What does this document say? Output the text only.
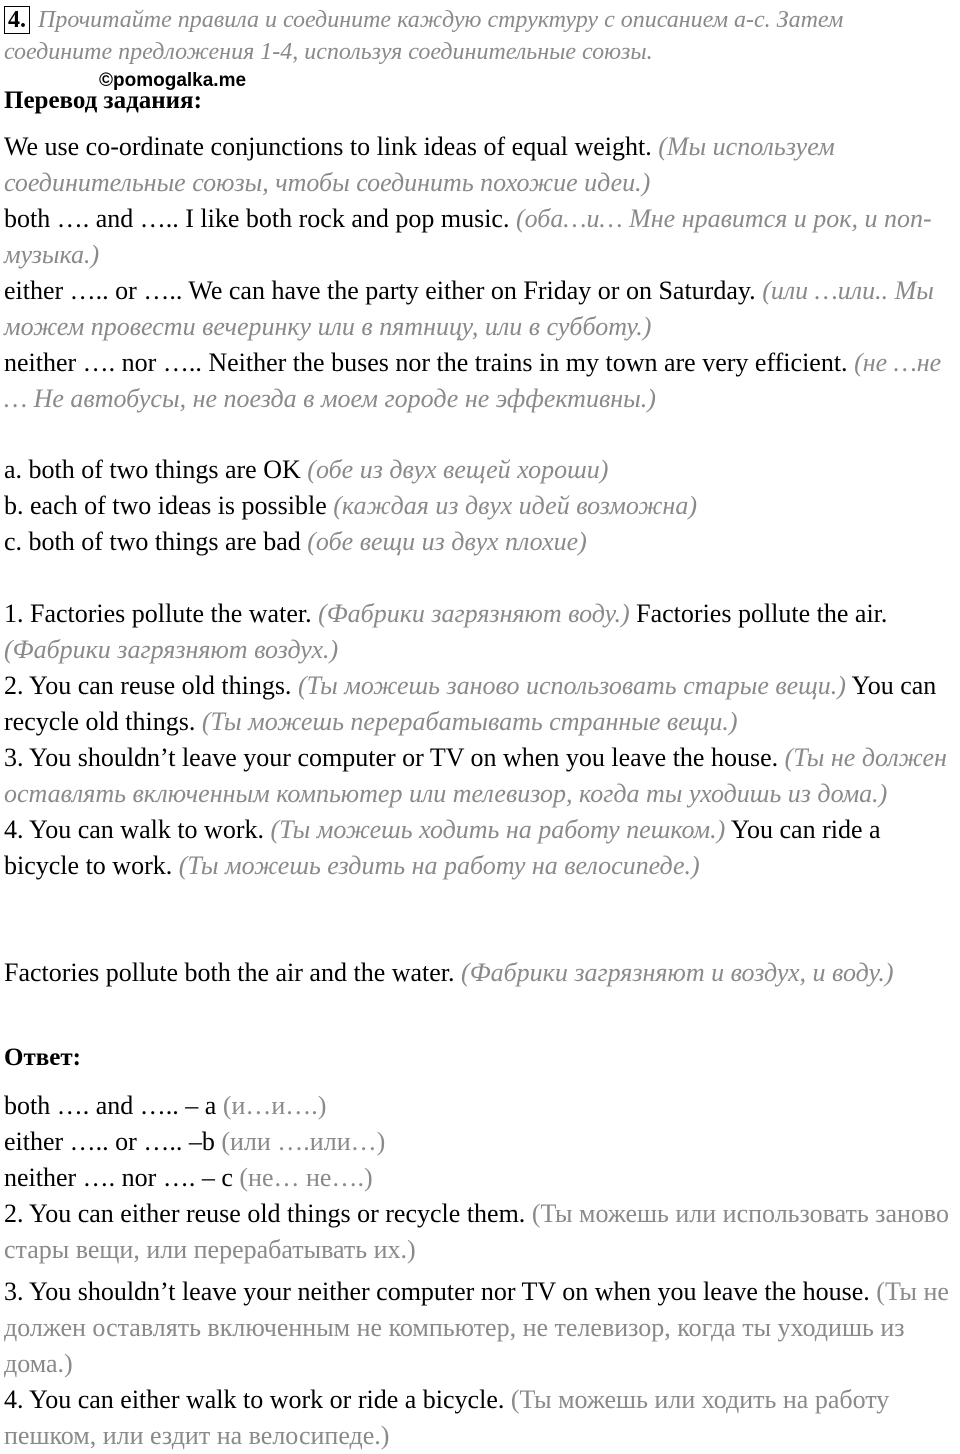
4. Прочитайте правила и соедините каждую структуру с описанием a-c. Затем соедините предложения 1-4, используя соединительные союзы.
©pomogalka.me
Перевод задания:

We use co-ordinate conjunctions to link ideas of equal weight. (Мы используем соединительные союзы, чтобы соединить похожие идеи.)

both …. and ….. I like both rock and pop music. (оба…и… Мне нравится и рок, и поп-музыка.)

either ….. or ….. We can have the party either on Friday or on Saturday. (или …или.. Мы можем провести вечеринку или в пятницу, или в субботу.)

neither …. nor ….. Neither the buses nor the trains in my town are very efficient. (не …не … Не автобусы, не поезда в моем городе не эффективны.)

a. both of two things are OK (обе из двух вещей хороши)

b. each of two ideas is possible (каждая из двух идей возможна)

c. both of two things are bad (обе вещи из двух плохие)

1. Factories pollute the water. (Фабрики загрязняют воду.) Factories pollute the air. (Фабрики загрязняют воздух.)

2. You can reuse old things. (Ты можешь заново использовать старые вещи.) You can recycle old things. (Ты можешь перерабатывать странные вещи.)

3. You shouldn’t leave your computer or TV on when you leave the house. (Ты не должен оставлять включенным компьютер или телевизор, когда ты уходишь из дома.)

4. You can walk to work. (Ты можешь ходить на работу пешком.) You can ride a bicycle to work. (Ты можешь ездить на работу на велосипеде.)

Factories pollute both the air and the water. (Фабрики загрязняют и воздух, и воду.)

Ответ:

both …. and ….. – a (и…и….)

either ….. or ….. –b (или ….или…)

neither …. nor …. – c (не… не….)

2. You can either reuse old things or recycle them. (Ты можешь или использовать заново стары вещи, или перерабатывать их.)

3. You shouldn’t leave your neither computer nor TV on when you leave the house. (Ты не должен оставлять включенным не компьютер, не телевизор, когда ты уходишь из дома.)

4. You can either walk to work or ride a bicycle. (Ты можешь или ходить на работу пешком, или ездит на велосипеде.)
